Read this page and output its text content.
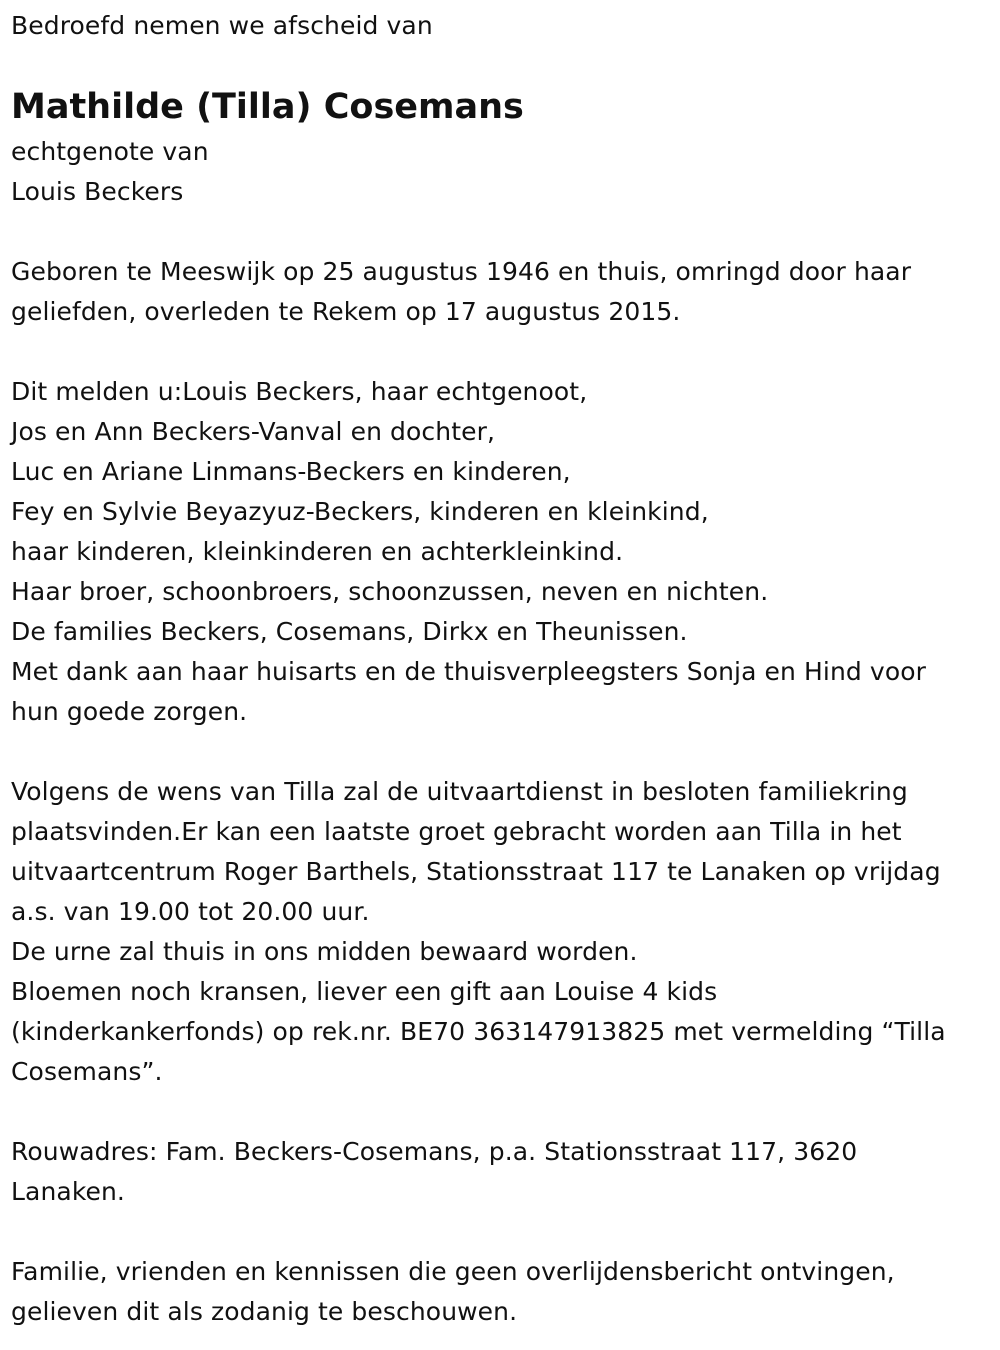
Bedroefd nemen we afscheid van
Mathilde (Tilla) Cosemans
echtgenote van
Louis Beckers
Geboren te Meeswijk op 25 augustus 1946 en thuis, omringd door haar
geliefden, overleden te Rekem op 17 augustus 2015.
Dit melden u:Louis Beckers, haar echtgenoot,
Jos en Ann Beckers-Vanval en dochter,
Luc en Ariane Linmans-Beckers en kinderen,
Fey en Sylvie Beyazyuz-Beckers, kinderen en kleinkind,
haar kinderen, kleinkinderen en achterkleinkind.
Haar broer, schoonbroers, schoonzussen, neven en nichten.
De families Beckers, Cosemans, Dirkx en Theunissen.
Met dank aan haar huisarts en de thuisverpleegsters Sonja en Hind voor
hun goede zorgen.
Volgens de wens van Tilla zal de uitvaartdienst in besloten familiekring
plaatsvinden.Er kan een laatste groet gebracht worden aan Tilla in het
uitvaartcentrum Roger Barthels, Stationsstraat 117 te Lanaken op vrijdag
a.s. van 19.00 tot 20.00 uur.
De urne zal thuis in ons midden bewaard worden.
Bloemen noch kransen, liever een gift aan Louise 4 kids
(kinderkankerfonds) op rek.nr. BE70 363147913825 met vermelding “Tilla
Cosemans”.
Rouwadres: Fam. Beckers-Cosemans, p.a. Stationsstraat 117, 3620
Lanaken.
Familie, vrienden en kennissen die geen overlijdensbericht ontvingen,
gelieven dit als zodanig te beschouwen.
